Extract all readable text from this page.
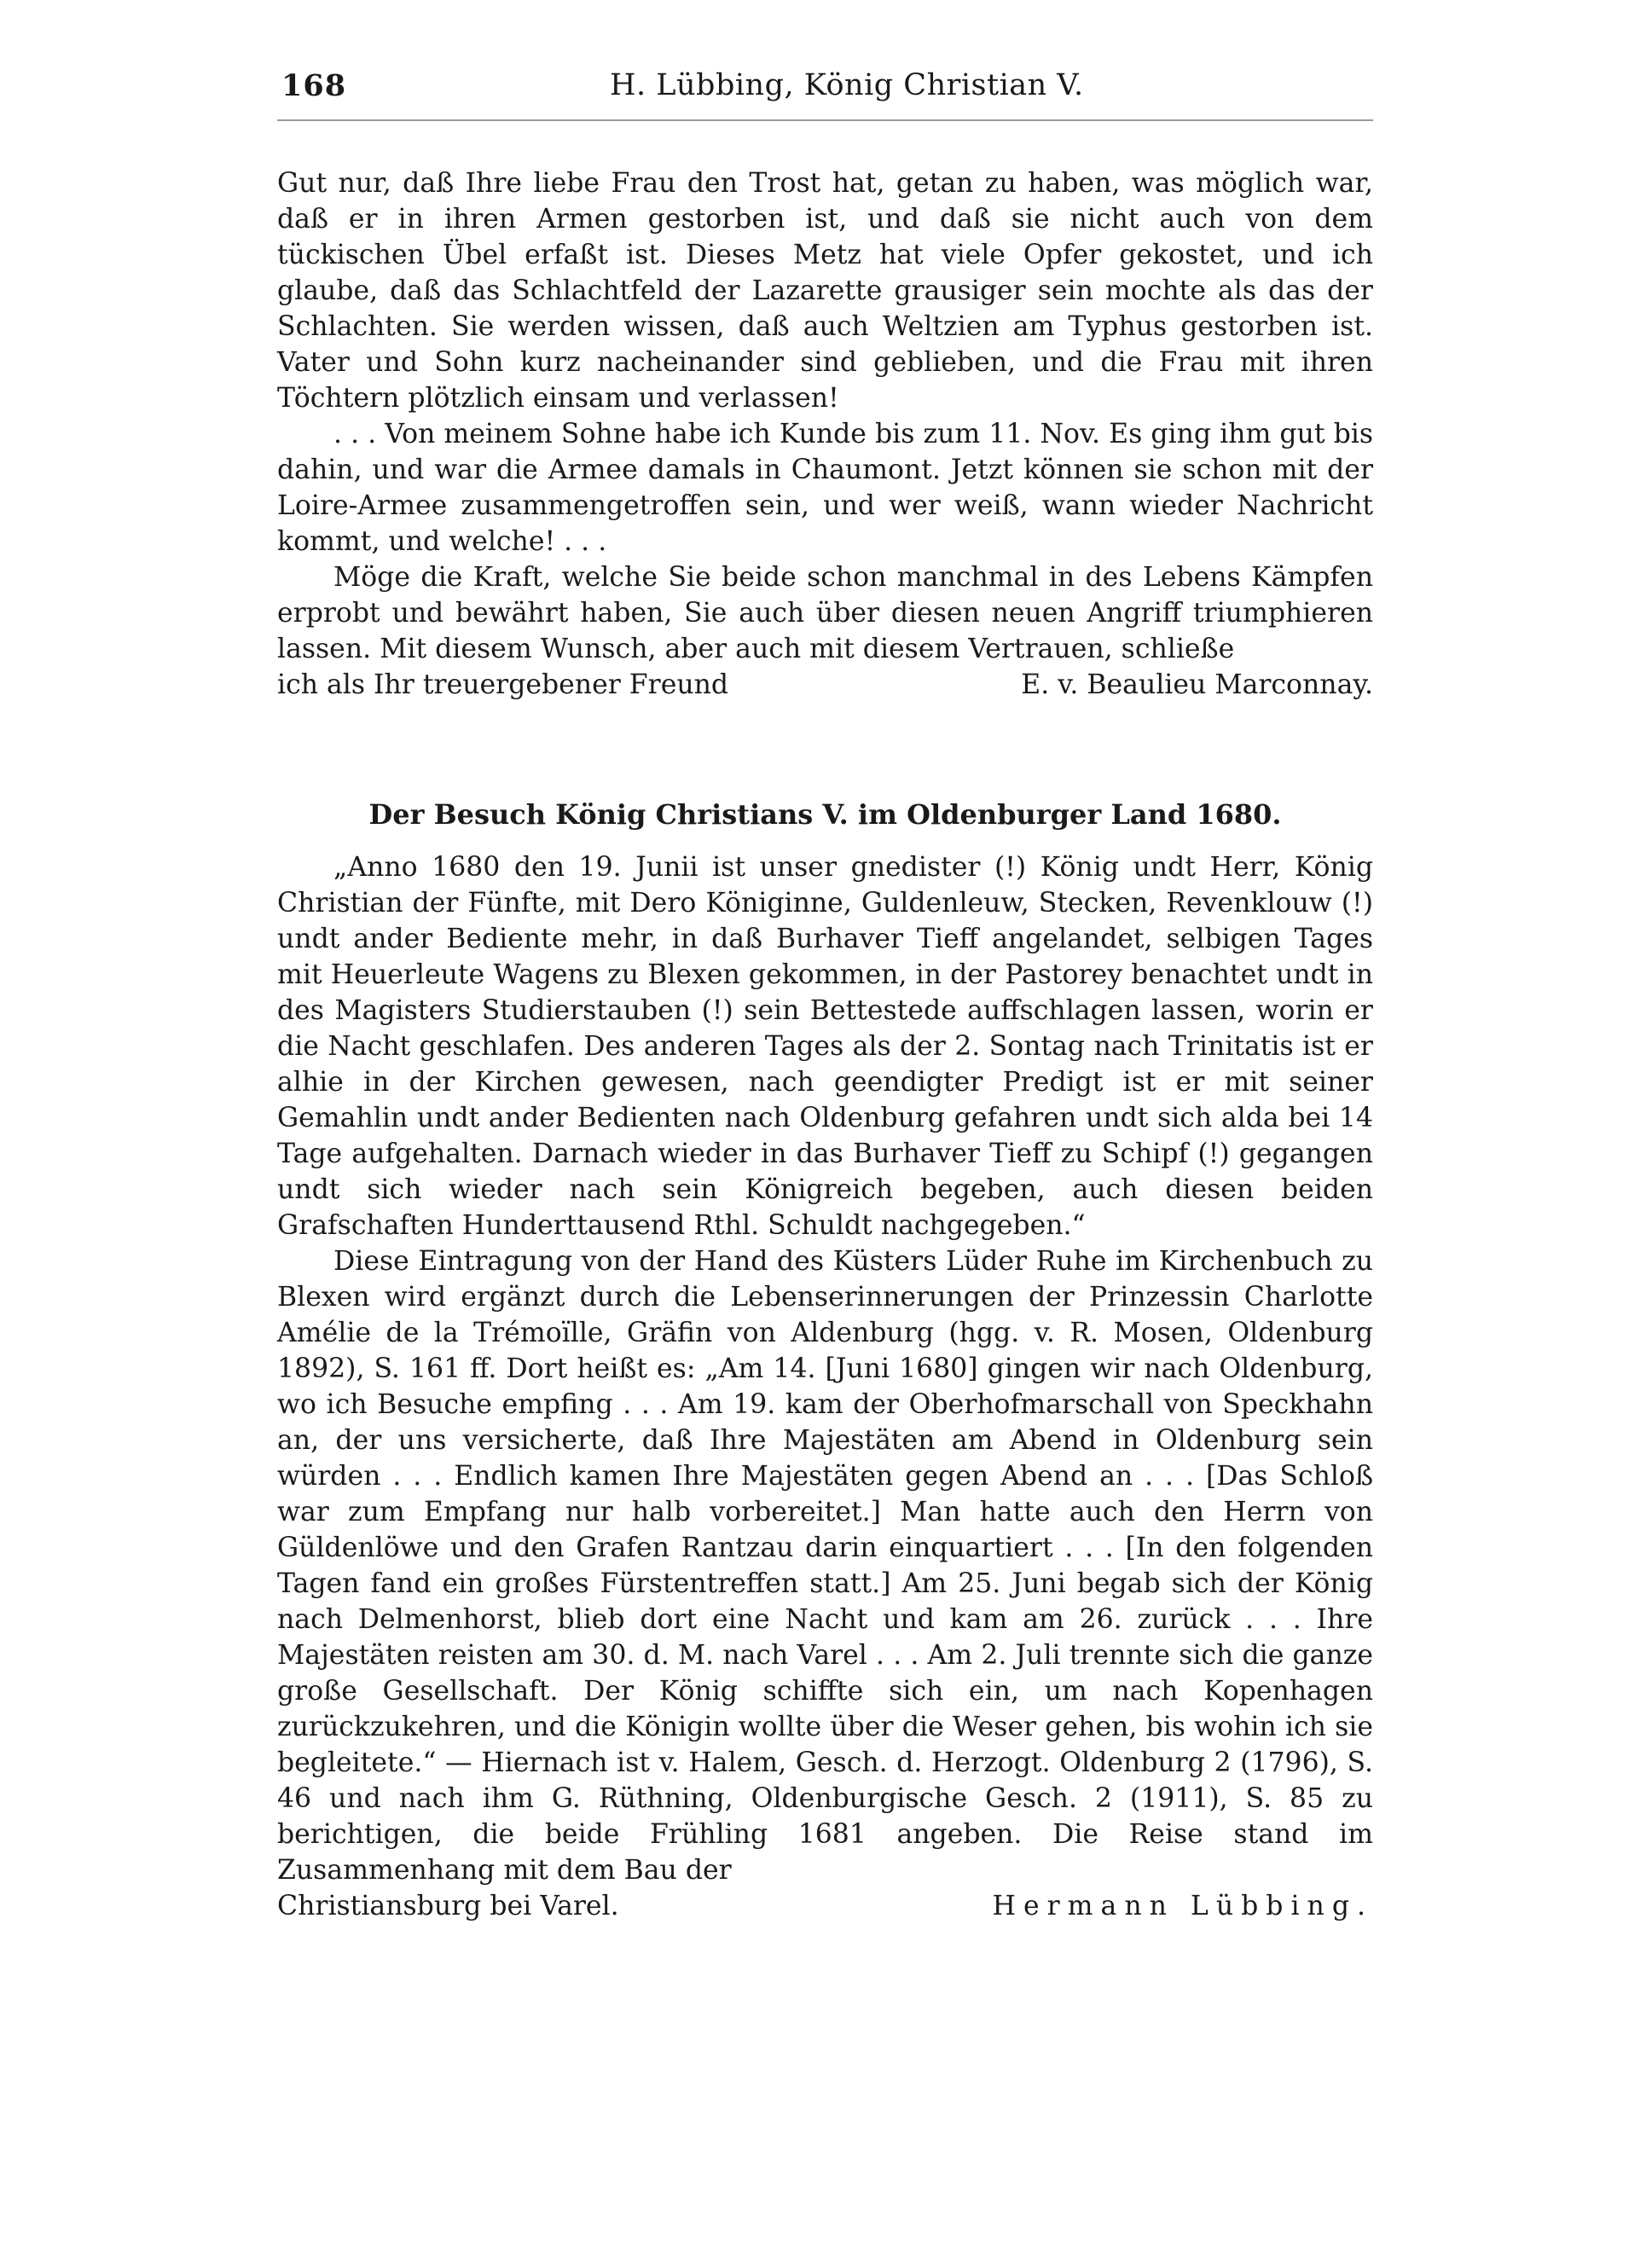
168	H. Lübbing, König Christian V.

Gut nur, daß Ihre liebe Frau den Trost hat, getan zu haben, was möglich war, daß er in ihren Armen gestorben ist, und daß sie nicht auch von dem tückischen Übel erfaßt ist. Dieses Metz hat viele Opfer gekostet, und ich glaube, daß das Schlachtfeld der Lazarette grausiger sein mochte als das der Schlachten. Sie werden wissen, daß auch Weltzien am Typhus gestorben ist. Vater und Sohn kurz nacheinander sind geblieben, und die Frau mit ihren Töchtern plötzlich einsam und verlassen!

. . . Von meinem Sohne habe ich Kunde bis zum 11. Nov. Es ging ihm gut bis dahin, und war die Armee damals in Chaumont. Jetzt können sie schon mit der Loire-Armee zusammengetroffen sein, und wer weiß, wann wieder Nachricht kommt, und welche! . . .

Möge die Kraft, welche Sie beide schon manchmal in des Lebens Kämpfen erprobt und bewährt haben, Sie auch über diesen neuen Angriff triumphieren lassen. Mit diesem Wunsch, aber auch mit diesem Vertrauen, schließe

ich als Ihr treuergebener Freund	E. v. Beaulieu Marconnay.
Der Besuch König Christians V. im Oldenburger Land 1680.

„Anno 1680 den 19. Junii ist unser gnedister (!) König undt Herr, König Christian der Fünfte, mit Dero Königinne, Guldenleuw, Stecken, Revenklouw (!) undt ander Bediente mehr, in daß Burhaver Tieff angelandet, selbigen Tages mit Heuerleute Wagens zu Blexen gekommen, in der Pastorey benachtet undt in des Magisters Studierstauben (!) sein Bettestede auffschlagen lassen, worin er die Nacht geschlafen. Des anderen Tages als der 2. Sontag nach Trinitatis ist er alhie in der Kirchen gewesen, nach geendigter Predigt ist er mit seiner Gemahlin undt ander Bedienten nach Oldenburg gefahren undt sich alda bei 14 Tage aufgehalten. Darnach wieder in das Burhaver Tieff zu Schipf (!) gegangen undt sich wieder nach sein Königreich begeben, auch diesen beiden Grafschaften Hunderttausend Rthl. Schuldt nachgegeben.“

Diese Eintragung von der Hand des Küsters Lüder Ruhe im Kirchenbuch zu Blexen wird ergänzt durch die Lebenserinnerungen der Prinzessin Charlotte Amélie de la Trémoïlle, Gräfin von Aldenburg (hgg. v. R. Mosen, Oldenburg 1892), S. 161 ff. Dort heißt es: „Am 14. [Juni 1680] gingen wir nach Oldenburg, wo ich Besuche empfing . . . Am 19. kam der Oberhofmarschall von Speckhahn an, der uns versicherte, daß Ihre Majestäten am Abend in Oldenburg sein würden . . . Endlich kamen Ihre Majestäten gegen Abend an . . . [Das Schloß war zum Empfang nur halb vorbereitet.] Man hatte auch den Herrn von Güldenlöwe und den Grafen Rantzau darin einquartiert . . . [In den folgenden Tagen fand ein großes Fürstentreffen statt.] Am 25. Juni begab sich der König nach Delmenhorst, blieb dort eine Nacht und kam am 26. zurück . . . Ihre Majestäten reisten am 30. d. M. nach Varel . . . Am 2. Juli trennte sich die ganze große Gesellschaft. Der König schiffte sich ein, um nach Kopenhagen zurückzukehren, und die Königin wollte über die Weser gehen, bis wohin ich sie begleitete.“ — Hiernach ist v. Halem, Gesch. d. Herzogt. Oldenburg 2 (1796), S. 46 und nach ihm G. Rüthning, Oldenburgische Gesch. 2 (1911), S. 85 zu berichtigen, die beide Frühling 1681 angeben. Die Reise stand im Zusammenhang mit dem Bau der

Christiansburg bei Varel.	Hermann Lübbing.
